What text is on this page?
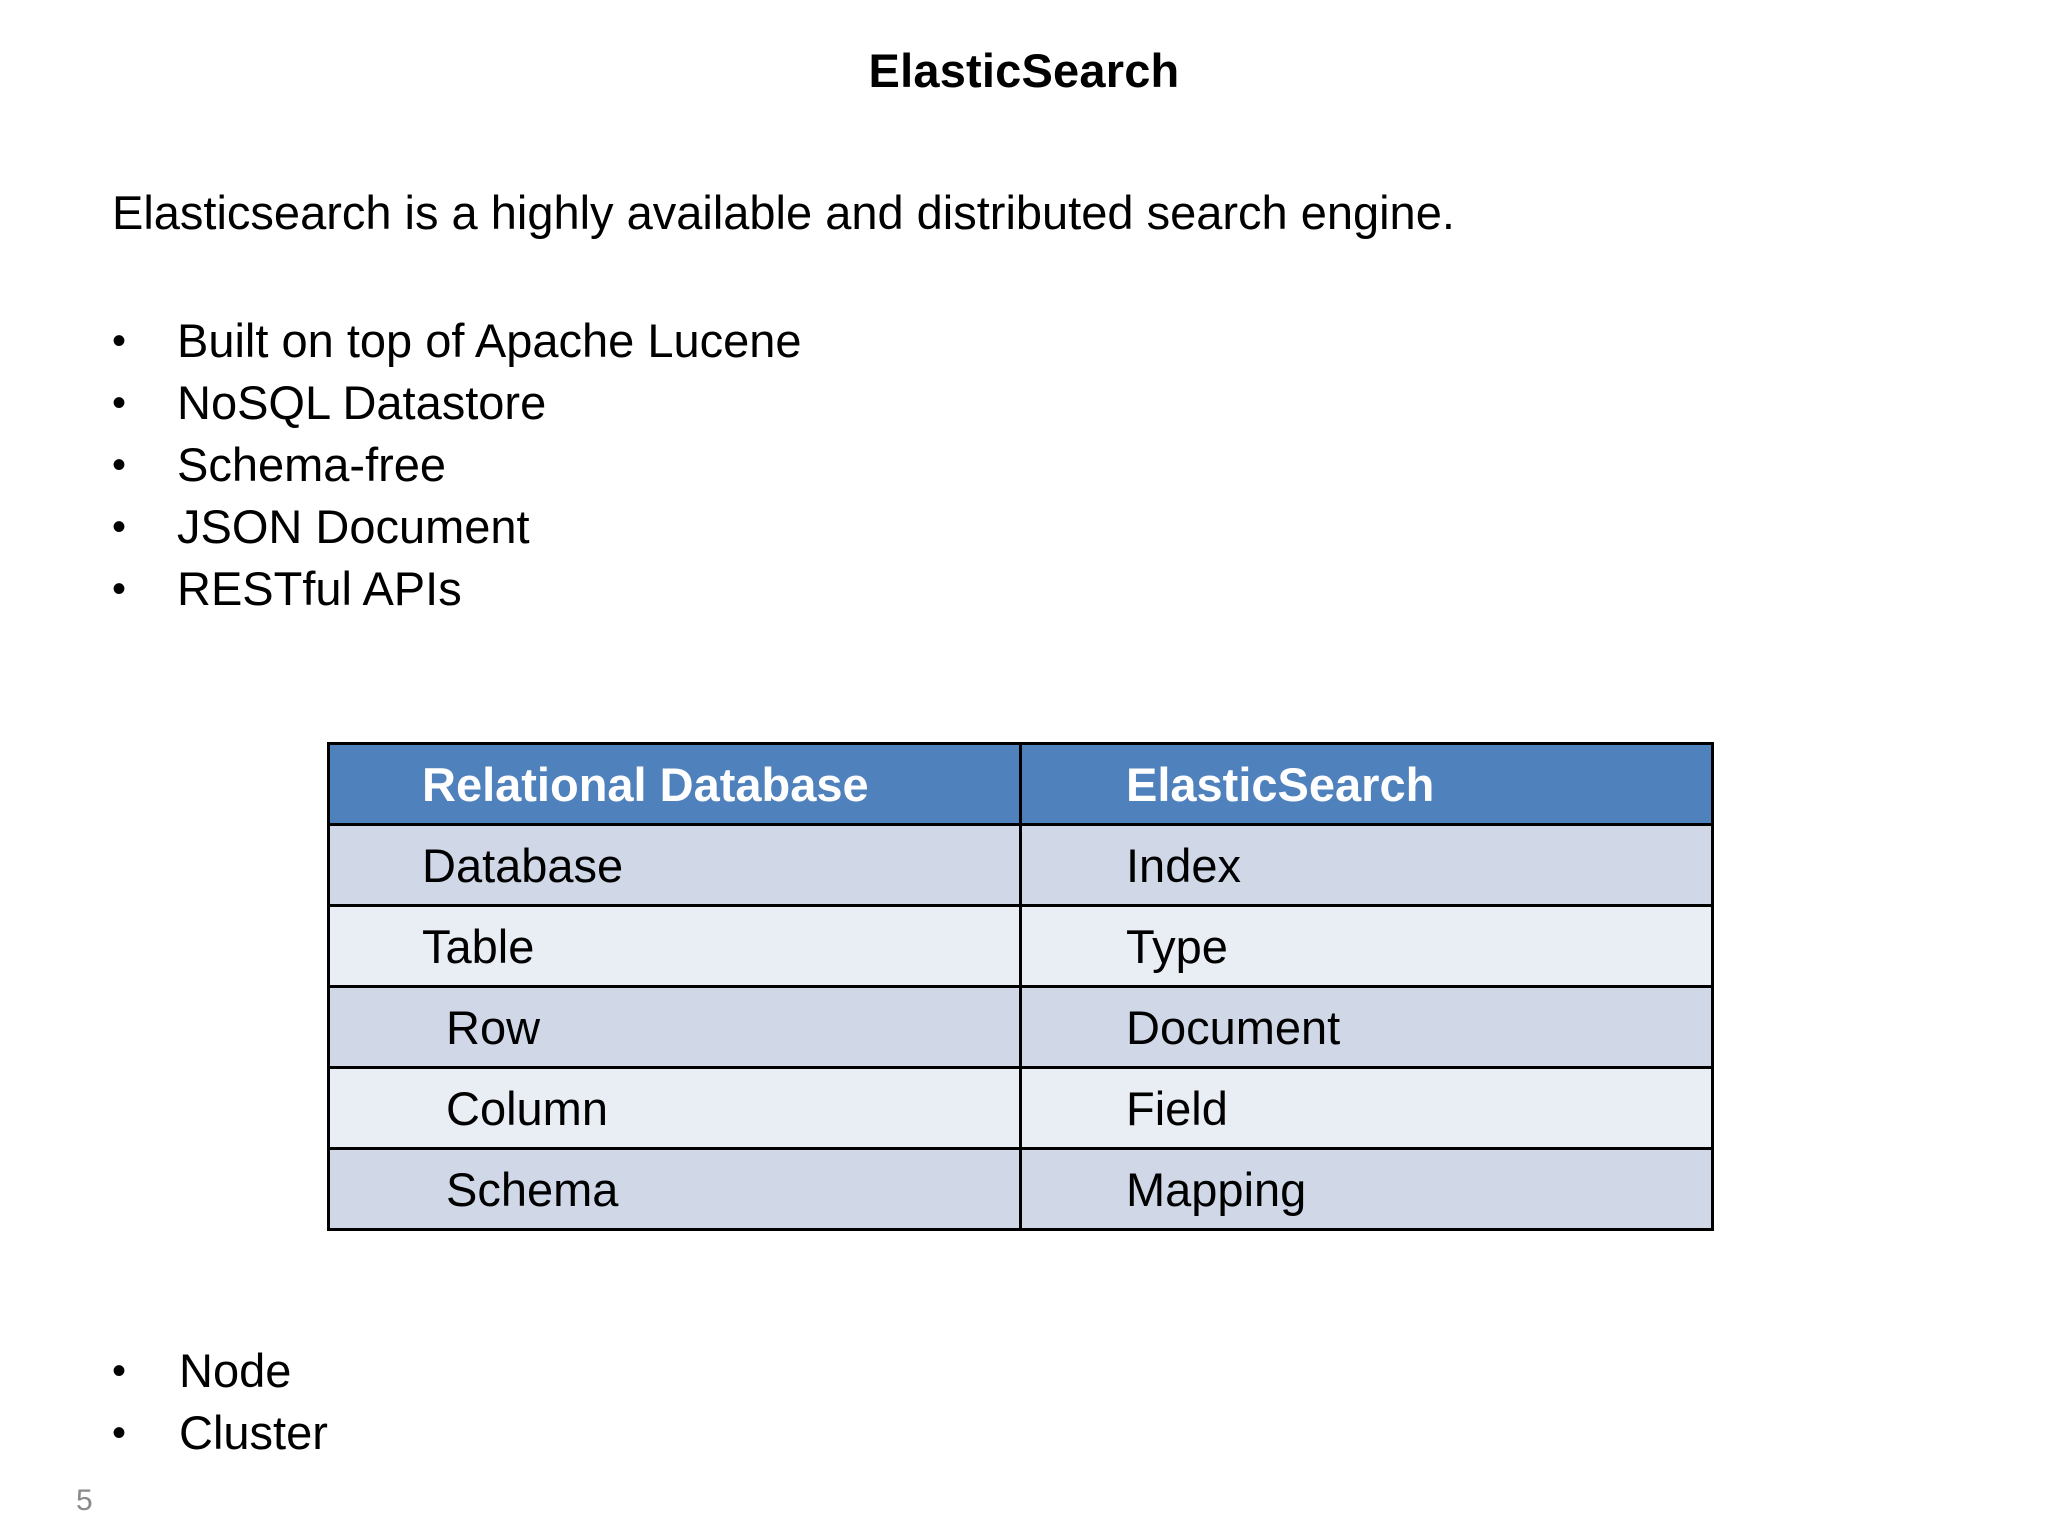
ElasticSearch
Elasticsearch is a highly available and distributed search engine.
•	Built on top of Apache Lucene
•	NoSQL Datastore
•	Schema-free
•	JSON Document
•	RESTful APIs
Relational Database	ElasticSearch
Database	Index
Table	Type
Row	Document
Column	Field
Schema	Mapping
•	Node
•	Cluster
5
